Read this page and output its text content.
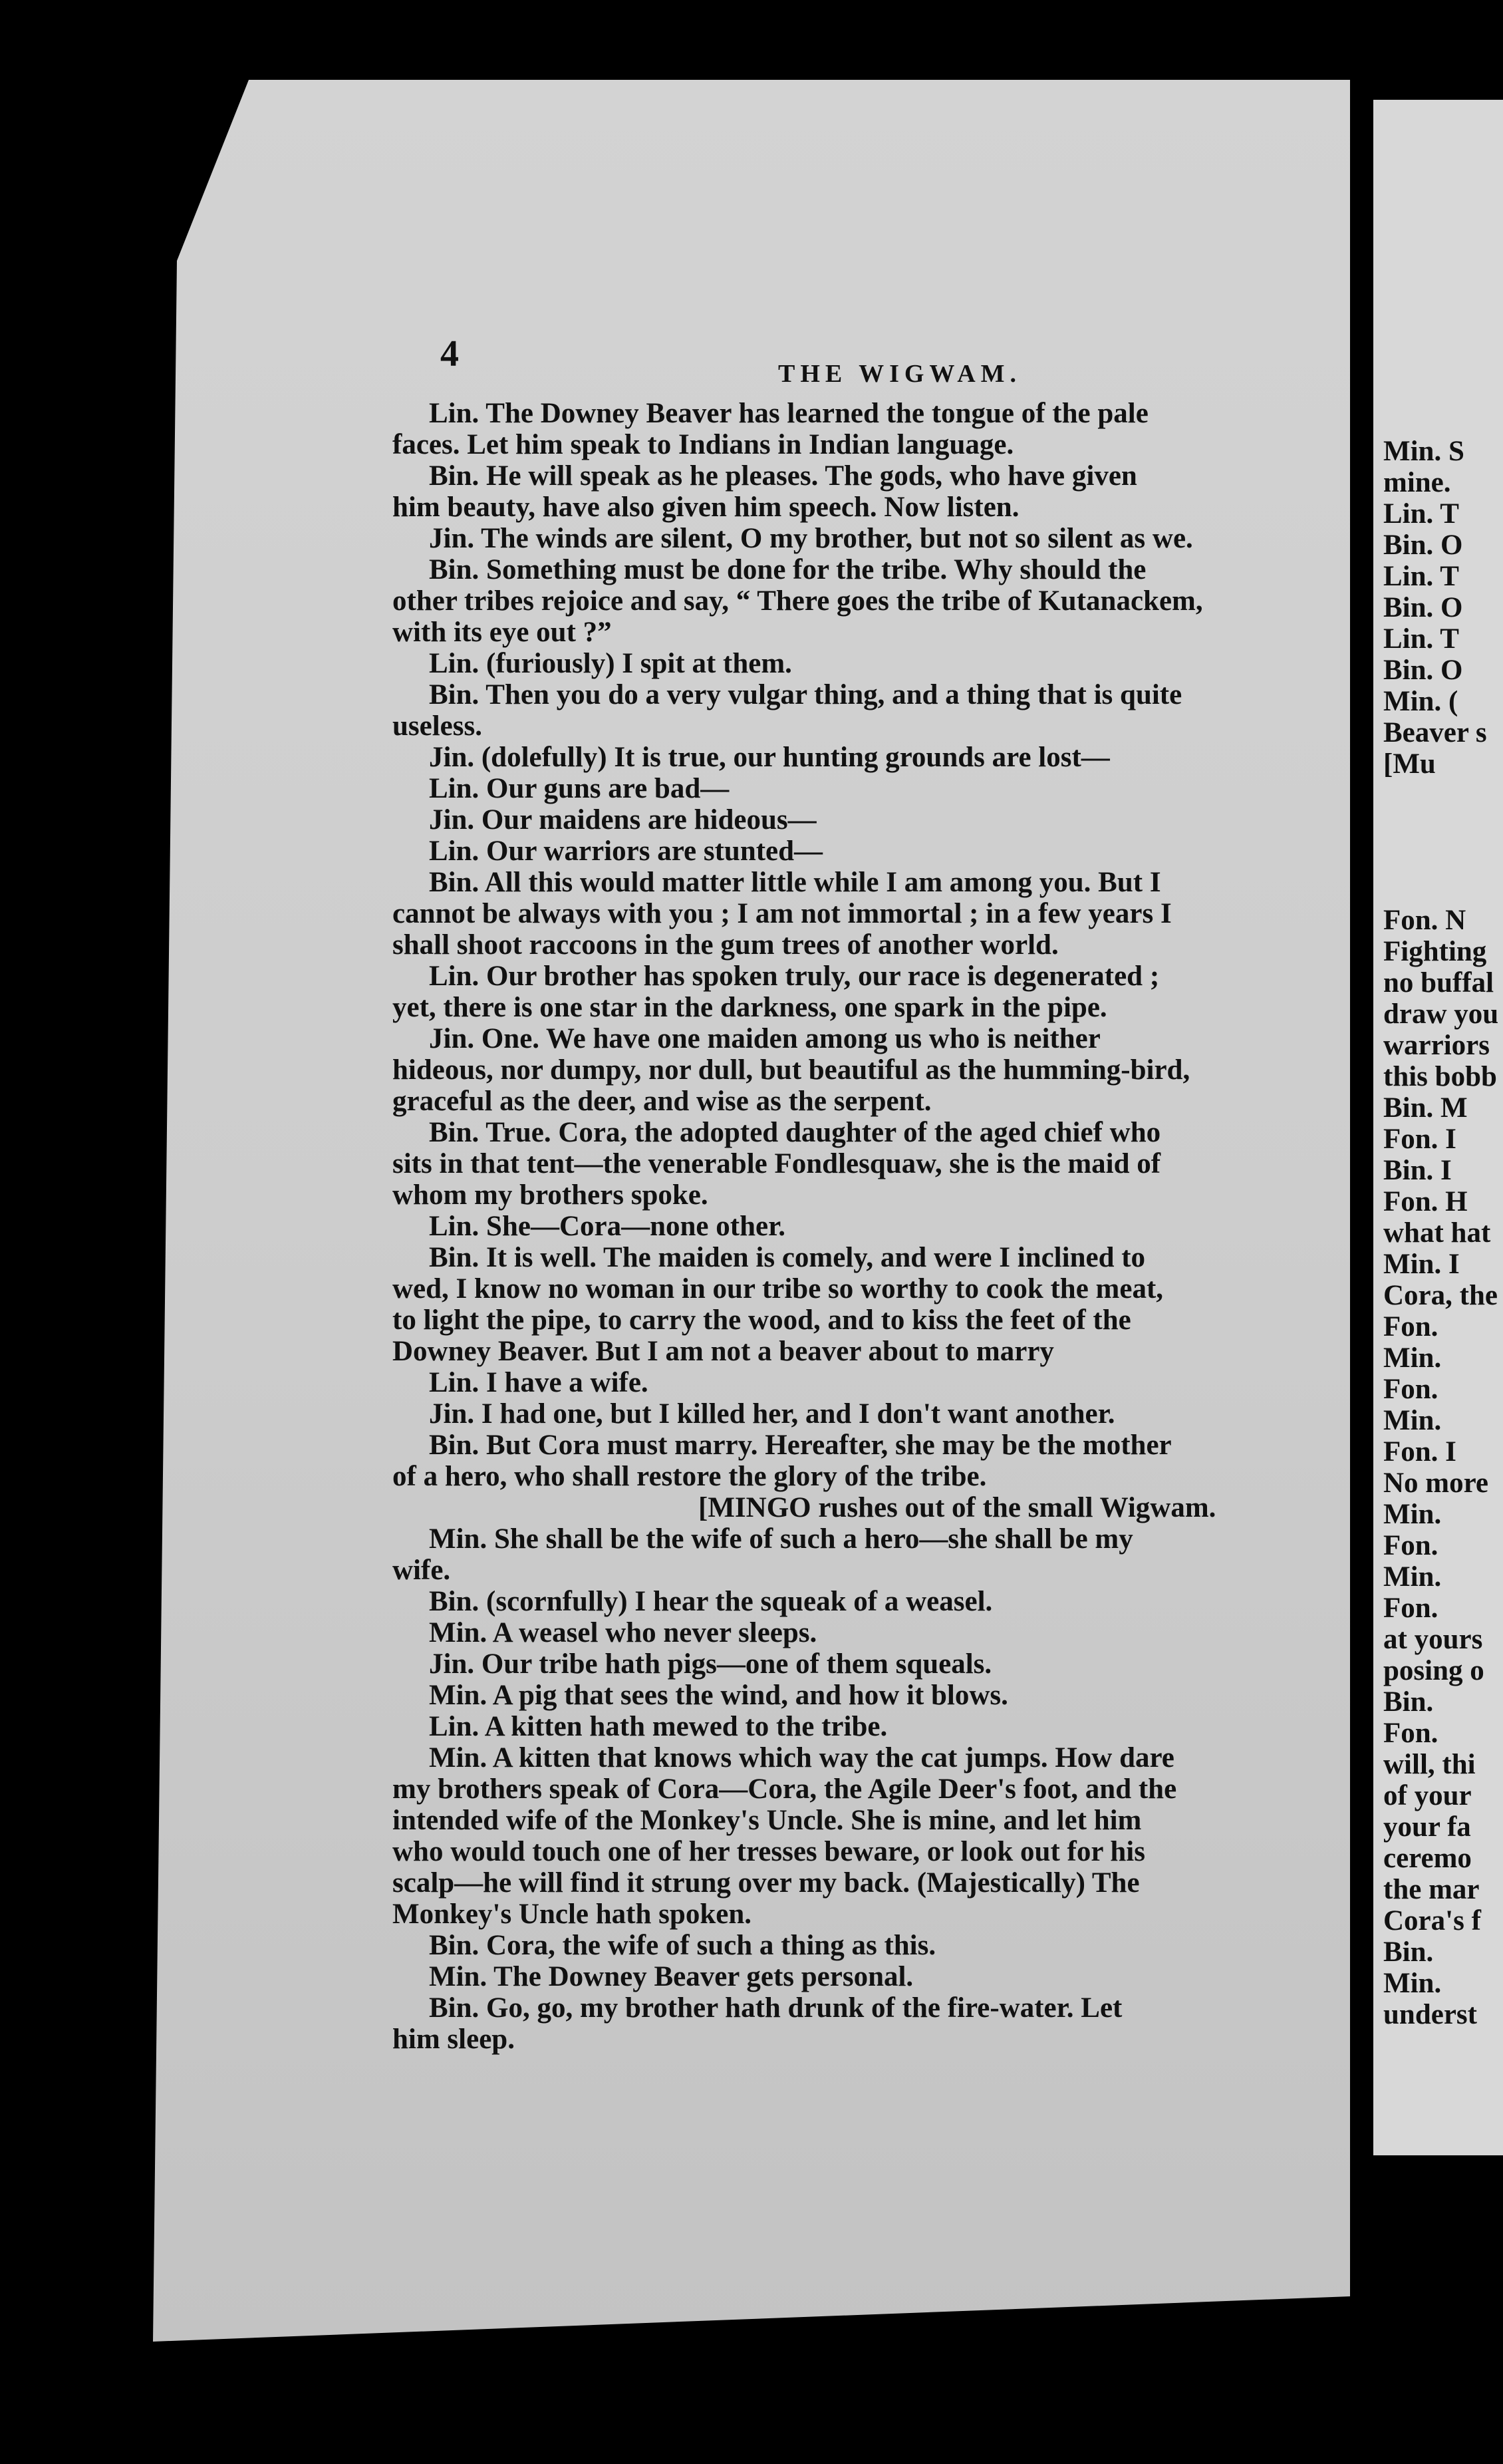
4	THE WIGWAM.
Lin. The Downey Beaver has learned the tongue of the pale
faces. Let him speak to Indians in Indian language.
Bin. He will speak as he pleases. The gods, who have given
him beauty, have also given him speech. Now listen.
Jin. The winds are silent, O my brother, but not so silent as we.
Bin. Something must be done for the tribe. Why should the
other tribes rejoice and say, “ There goes the tribe of Kutanackem,
with its eye out ?”
Lin. (furiously) I spit at them.
Bin. Then you do a very vulgar thing, and a thing that is quite
useless.
Jin. (dolefully) It is true, our hunting grounds are lost—
Lin. Our guns are bad—
Jin. Our maidens are hideous—
Lin. Our warriors are stunted—
Bin. All this would matter little while I am among you. But I
cannot be always with you ; I am not immortal ; in a few years I
shall shoot raccoons in the gum trees of another world.
Lin. Our brother has spoken truly, our race is degenerated ;
yet, there is one star in the darkness, one spark in the pipe.
Jin. One. We have one maiden among us who is neither
hideous, nor dumpy, nor dull, but beautiful as the humming-bird,
graceful as the deer, and wise as the serpent.
Bin. True. Cora, the adopted daughter of the aged chief who
sits in that tent—the venerable Fondlesquaw, she is the maid of
whom my brothers spoke.
Lin. She—Cora—none other.
Bin. It is well. The maiden is comely, and were I inclined to
wed, I know no woman in our tribe so worthy to cook the meat,
to light the pipe, to carry the wood, and to kiss the feet of the
Downey Beaver. But I am not a beaver about to marry
Lin. I have a wife.
Jin. I had one, but I killed her, and I don't want another.
Bin. But Cora must marry. Hereafter, she may be the mother
of a hero, who shall restore the glory of the tribe.
[MINGO rushes out of the small Wigwam.
Min. She shall be the wife of such a hero—she shall be my
wife.
Bin. (scornfully) I hear the squeak of a weasel.
Min. A weasel who never sleeps.
Jin. Our tribe hath pigs—one of them squeals.
Min. A pig that sees the wind, and how it blows.
Lin. A kitten hath mewed to the tribe.
Min. A kitten that knows which way the cat jumps. How dare
my brothers speak of Cora—Cora, the Agile Deer's foot, and the
intended wife of the Monkey's Uncle. She is mine, and let him
who would touch one of her tresses beware, or look out for his
scalp—he will find it strung over my back. (Majestically) The
Monkey's Uncle hath spoken.
Bin. Cora, the wife of such a thing as this.
Min. The Downey Beaver gets personal.
Bin. Go, go, my brother hath drunk of the fire-water. Let
him sleep.
Min. S
mine.
Lin. T
Bin. O
Lin. T
Bin. O
Lin. T
Bin. O
Min. (
Beaver s
[Mu
Fon. N
Fighting
no buffal
draw you
warriors
this bobb
Bin. M
Fon. I
Bin. I
Fon. H
what hat
Min. I
Cora, the
Fon.
Min.
Fon.
Min.
Fon. I
No more
Min.
Fon.
Min.
Fon.
at yours
posing o
Bin.
Fon.
will, thi
of your
your fa
ceremo
the mar
Cora's f
Bin.
Min.
underst
